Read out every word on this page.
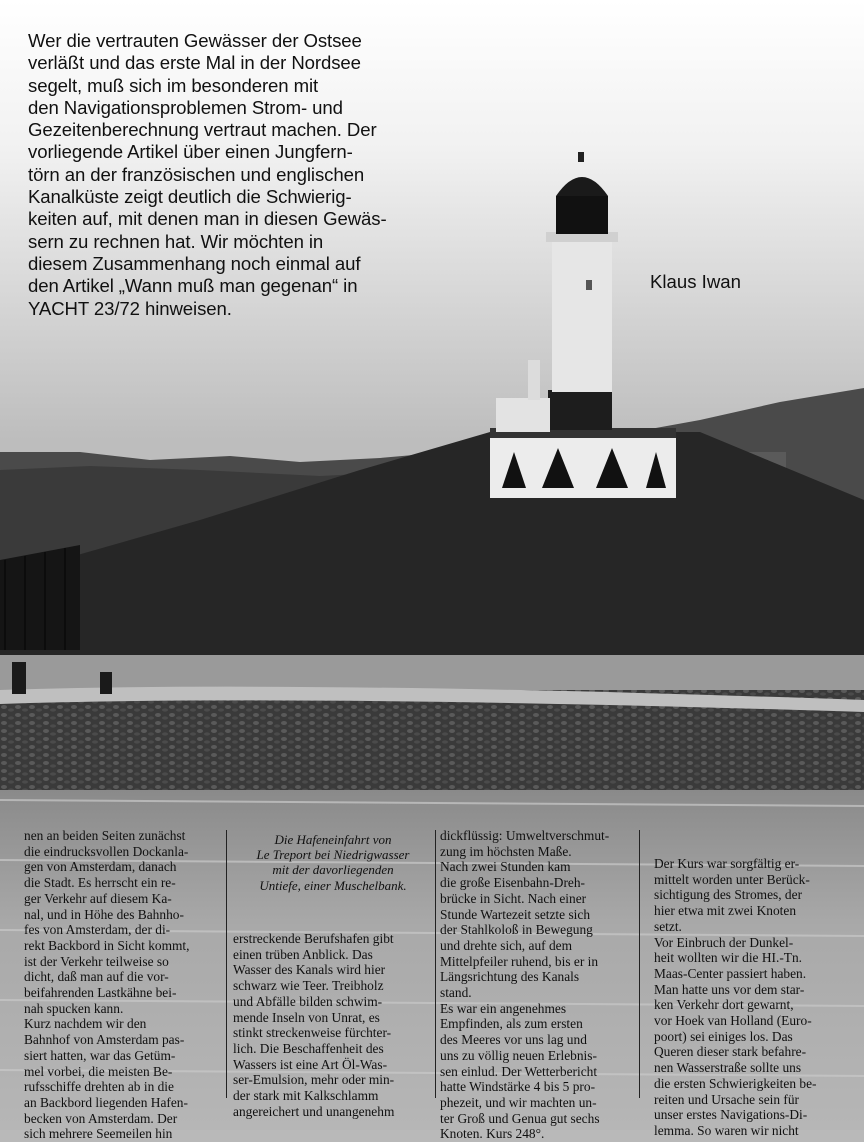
Wer die vertrauten Gewässer der Ostsee
verläßt und das erste Mal in der Nordsee
segelt, muß sich im besonderen mit
den Navigationsproblemen Strom- und
Gezeitenberechnung vertraut machen. Der
vorliegende Artikel über einen Jungfern-
törn an der französischen und englischen
Kanalküste zeigt deutlich die Schwierig-
keiten auf, mit denen man in diesen Gewäs-
sern zu rechnen hat. Wir möchten in
diesem Zusammenhang noch einmal auf
den Artikel „Wann muß man gegenan“ in
YACHT 23/72 hinweisen.
Klaus Iwan
nen an beiden Seiten zunächst
die eindrucksvollen Dockanla-
gen von Amsterdam, danach
die Stadt. Es herrscht ein re-
ger Verkehr auf diesem Ka-
nal, und in Höhe des Bahnho-
fes von Amsterdam, der di-
rekt Backbord in Sicht kommt,
ist der Verkehr teilweise so
dicht, daß man auf die vor-
beifahrenden Lastkähne bei-
nah spucken kann.
Kurz nachdem wir den
Bahnhof von Amsterdam pas-
siert hatten, war das Getüm-
mel vorbei, die meisten Be-
rufsschiffe drehten ab in die
an Backbord liegenden Hafen-
becken von Amsterdam. Der
sich mehrere Seemeilen hin
Die Hafeneinfahrt von
Le Treport bei Niedrigwasser
mit der davorliegenden
Untiefe, einer Muschelbank.
erstreckende Berufshafen gibt
einen trüben Anblick. Das
Wasser des Kanals wird hier
schwarz wie Teer. Treibholz
und Abfälle bilden schwim-
mende Inseln von Unrat, es
stinkt streckenweise fürchter-
lich. Die Beschaffenheit des
Wassers ist eine Art Öl-Was-
ser-Emulsion, mehr oder min-
der stark mit Kalkschlamm
angereichert und unangenehm
dickflüssig: Umweltverschmut-
zung im höchsten Maße.
Nach zwei Stunden kam
die große Eisenbahn-Dreh-
brücke in Sicht. Nach einer
Stunde Wartezeit setzte sich
der Stahlkoloß in Bewegung
und drehte sich, auf dem
Mittelpfeiler ruhend, bis er in
Längsrichtung des Kanals
stand.
Es war ein angenehmes
Empfinden, als zum ersten
des Meeres vor uns lag und
uns zu völlig neuen Erlebnis-
sen einlud. Der Wetterbericht
hatte Windstärke 4 bis 5 pro-
phezeit, und wir machten un-
ter Groß und Genua gut sechs
Knoten. Kurs 248°.
Der Kurs war sorgfältig er-
mittelt worden unter Berück-
sichtigung des Stromes, der
hier etwa mit zwei Knoten
setzt.
Vor Einbruch der Dunkel-
heit wollten wir die HI.-Tn.
Maas-Center passiert haben.
Man hatte uns vor dem star-
ken Verkehr dort gewarnt,
vor Hoek van Holland (Euro-
poort) sei einiges los. Das
Queren dieser stark befahre-
nen Wasserstraße sollte uns
die ersten Schwierigkeiten be-
reiten und Ursache sein für
unser erstes Navigations-Di-
lemma. So waren wir nicht
